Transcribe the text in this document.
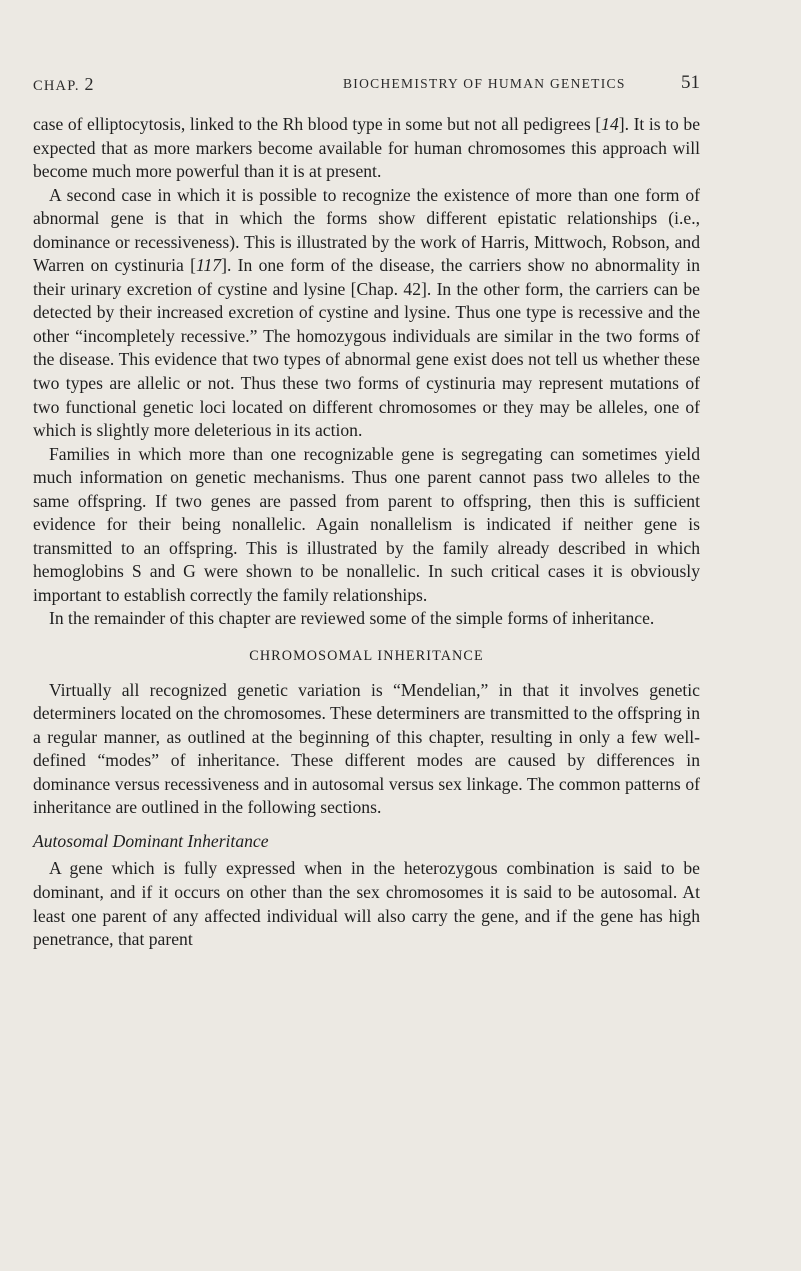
CHAP. 2	BIOCHEMISTRY OF HUMAN GENETICS	51

case of elliptocytosis, linked to the Rh blood type in some but not all pedigrees [14]. It is to be expected that as more markers become available for human chromosomes this approach will become much more powerful than it is at present.

A second case in which it is possible to recognize the existence of more than one form of abnormal gene is that in which the forms show different epistatic relationships (i.e., dominance or recessiveness). This is illustrated by the work of Harris, Mittwoch, Robson, and Warren on cystinuria [117]. In one form of the disease, the carriers show no abnormality in their urinary excretion of cystine and lysine [Chap. 42]. In the other form, the carriers can be detected by their increased excretion of cystine and lysine. Thus one type is recessive and the other “incompletely recessive.” The homozygous individuals are similar in the two forms of the disease. This evidence that two types of abnormal gene exist does not tell us whether these two types are allelic or not. Thus these two forms of cystinuria may represent mutations of two functional genetic loci located on different chromosomes or they may be alleles, one of which is slightly more deleterious in its action.

Families in which more than one recognizable gene is segregating can sometimes yield much information on genetic mechanisms. Thus one parent cannot pass two alleles to the same offspring. If two genes are passed from parent to offspring, then this is sufficient evidence for their being nonallelic. Again nonallelism is indicated if neither gene is transmitted to an offspring. This is illustrated by the family already described in which hemoglobins S and G were shown to be nonallelic. In such critical cases it is obviously important to establish correctly the family relationships.

In the remainder of this chapter are reviewed some of the simple forms of inheritance.

CHROMOSOMAL INHERITANCE

Virtually all recognized genetic variation is “Mendelian,” in that it involves genetic determiners located on the chromosomes. These determiners are transmitted to the offspring in a regular manner, as outlined at the beginning of this chapter, resulting in only a few well-defined “modes” of inheritance. These different modes are caused by differences in dominance versus recessiveness and in autosomal versus sex linkage. The common patterns of inheritance are outlined in the following sections.

Autosomal Dominant Inheritance

A gene which is fully expressed when in the heterozygous combination is said to be dominant, and if it occurs on other than the sex chromosomes it is said to be autosomal. At least one parent of any affected individual will also carry the gene, and if the gene has high penetrance, that parent
